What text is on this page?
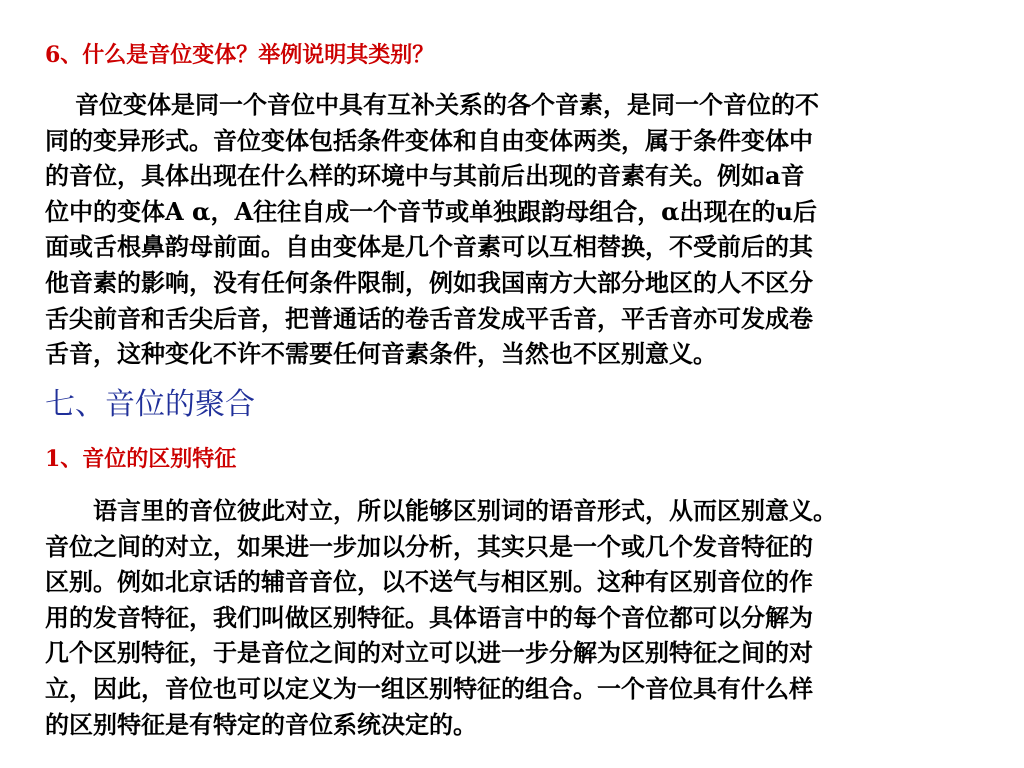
6、什么是音位变体？举例说明其类别？
音位变体是同一个音位中具有互补关系的各个音素，是同一个音位的不
同的变异形式。音位变体包括条件变体和自由变体两类，属于条件变体中
的音位，具体出现在什么样的环境中与其前后出现的音素有关。例如a音
位中的变体A α，A往往自成一个音节或单独跟韵母组合，α出现在的u后
面或舌根鼻韵母前面。自由变体是几个音素可以互相替换，不受前后的其
他音素的影响，没有任何条件限制，例如我国南方大部分地区的人不区分
舌尖前音和舌尖后音，把普通话的卷舌音发成平舌音，平舌音亦可发成卷
舌音，这种变化不许不需要任何音素条件，当然也不区别意义。
七、音位的聚合
1、音位的区别特征
语言里的音位彼此对立，所以能够区别词的语音形式，从而区别意义。
音位之间的对立，如果进一步加以分析，其实只是一个或几个发音特征的
区别。例如北京话的辅音音位，以不送气与相区别。这种有区别音位的作
用的发音特征，我们叫做区别特征。具体语言中的每个音位都可以分解为
几个区别特征，于是音位之间的对立可以进一步分解为区别特征之间的对
立，因此，音位也可以定义为一组区别特征的组合。一个音位具有什么样
的区别特征是有特定的音位系统决定的。
